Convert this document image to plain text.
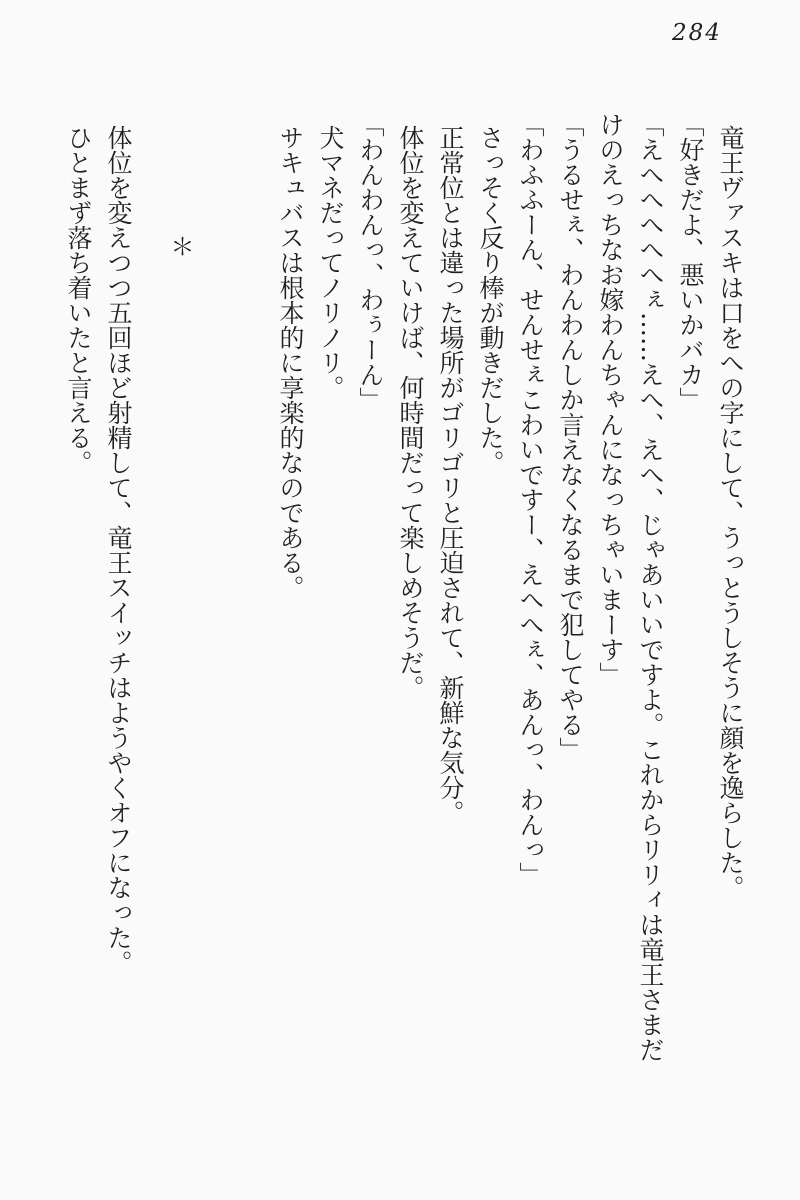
284

竜王ヴァスキは口をへの字にして、うっとうしそうに顔を逸らした。

「好きだよ、悪いかバカ」

「えへへへへへぇ……えへ、えへ、じゃあいいですよ。これからリリィは竜王さまだけのえっちなお嫁わんちゃんになっちゃいまーす」

「うるせぇ、わんわんしか言えなくなるまで犯してやる」

「わふふーん、せんせぇこわいですー、えへへぇ、あんっ、わんっ」

さっそく反り棒が動きだした。

正常位とは違った場所がゴリゴリと圧迫されて、新鮮な気分。

体位を変えていけば、何時間だって楽しめそうだ。

「わんわんっ、わぅーん」

犬マネだってノリノリ。

サキュバスは根本的に享楽的なのである。

＊

体位を変えつつ五回ほど射精して、竜王スイッチはようやくオフになった。

ひとまず落ち着いたと言える。
